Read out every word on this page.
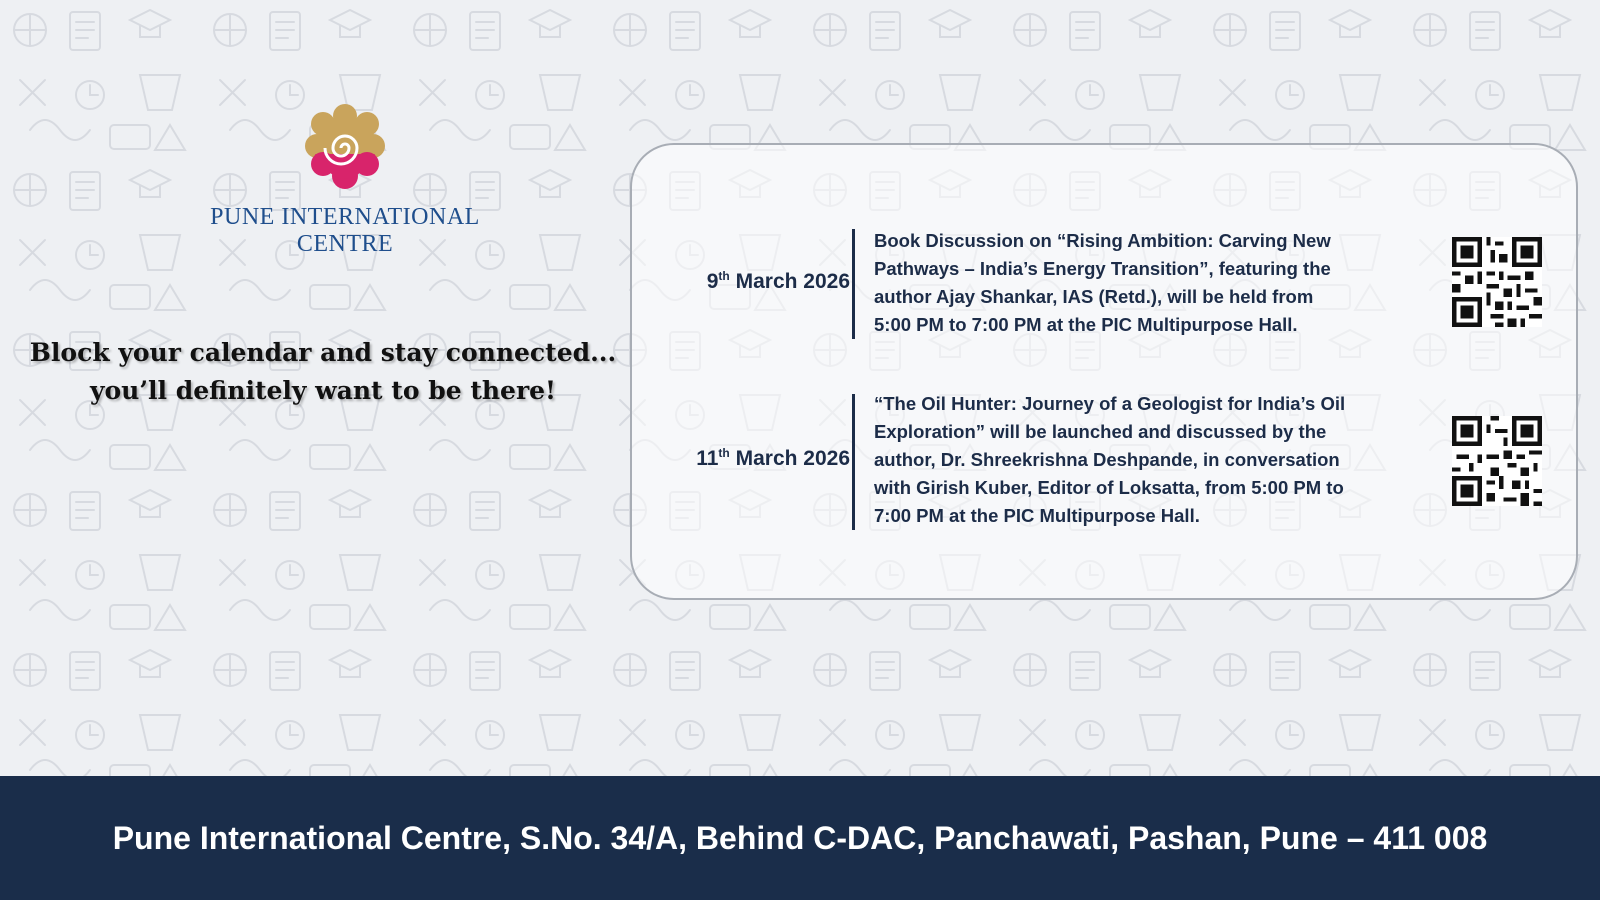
PUNE INTERNATIONAL CENTRE
Block your calendar and stay connected...
you’ll definitely want to be there!
9th March 2026
Book Discussion on “Rising Ambition: Carving New
Pathways – India’s Energy Transition”, featuring the
author Ajay Shankar, IAS (Retd.), will be held from
5:00 PM to 7:00 PM at the PIC Multipurpose Hall.
11th March 2026
“The Oil Hunter: Journey of a Geologist for India’s Oil
Exploration” will be launched and discussed by the
author, Dr. Shreekrishna Deshpande, in conversation
with Girish Kuber, Editor of Loksatta, from 5:00 PM to
7:00 PM at the PIC Multipurpose Hall.
Pune International Centre, S.No. 34/A, Behind C-DAC, Panchawati, Pashan, Pune – 411 008
